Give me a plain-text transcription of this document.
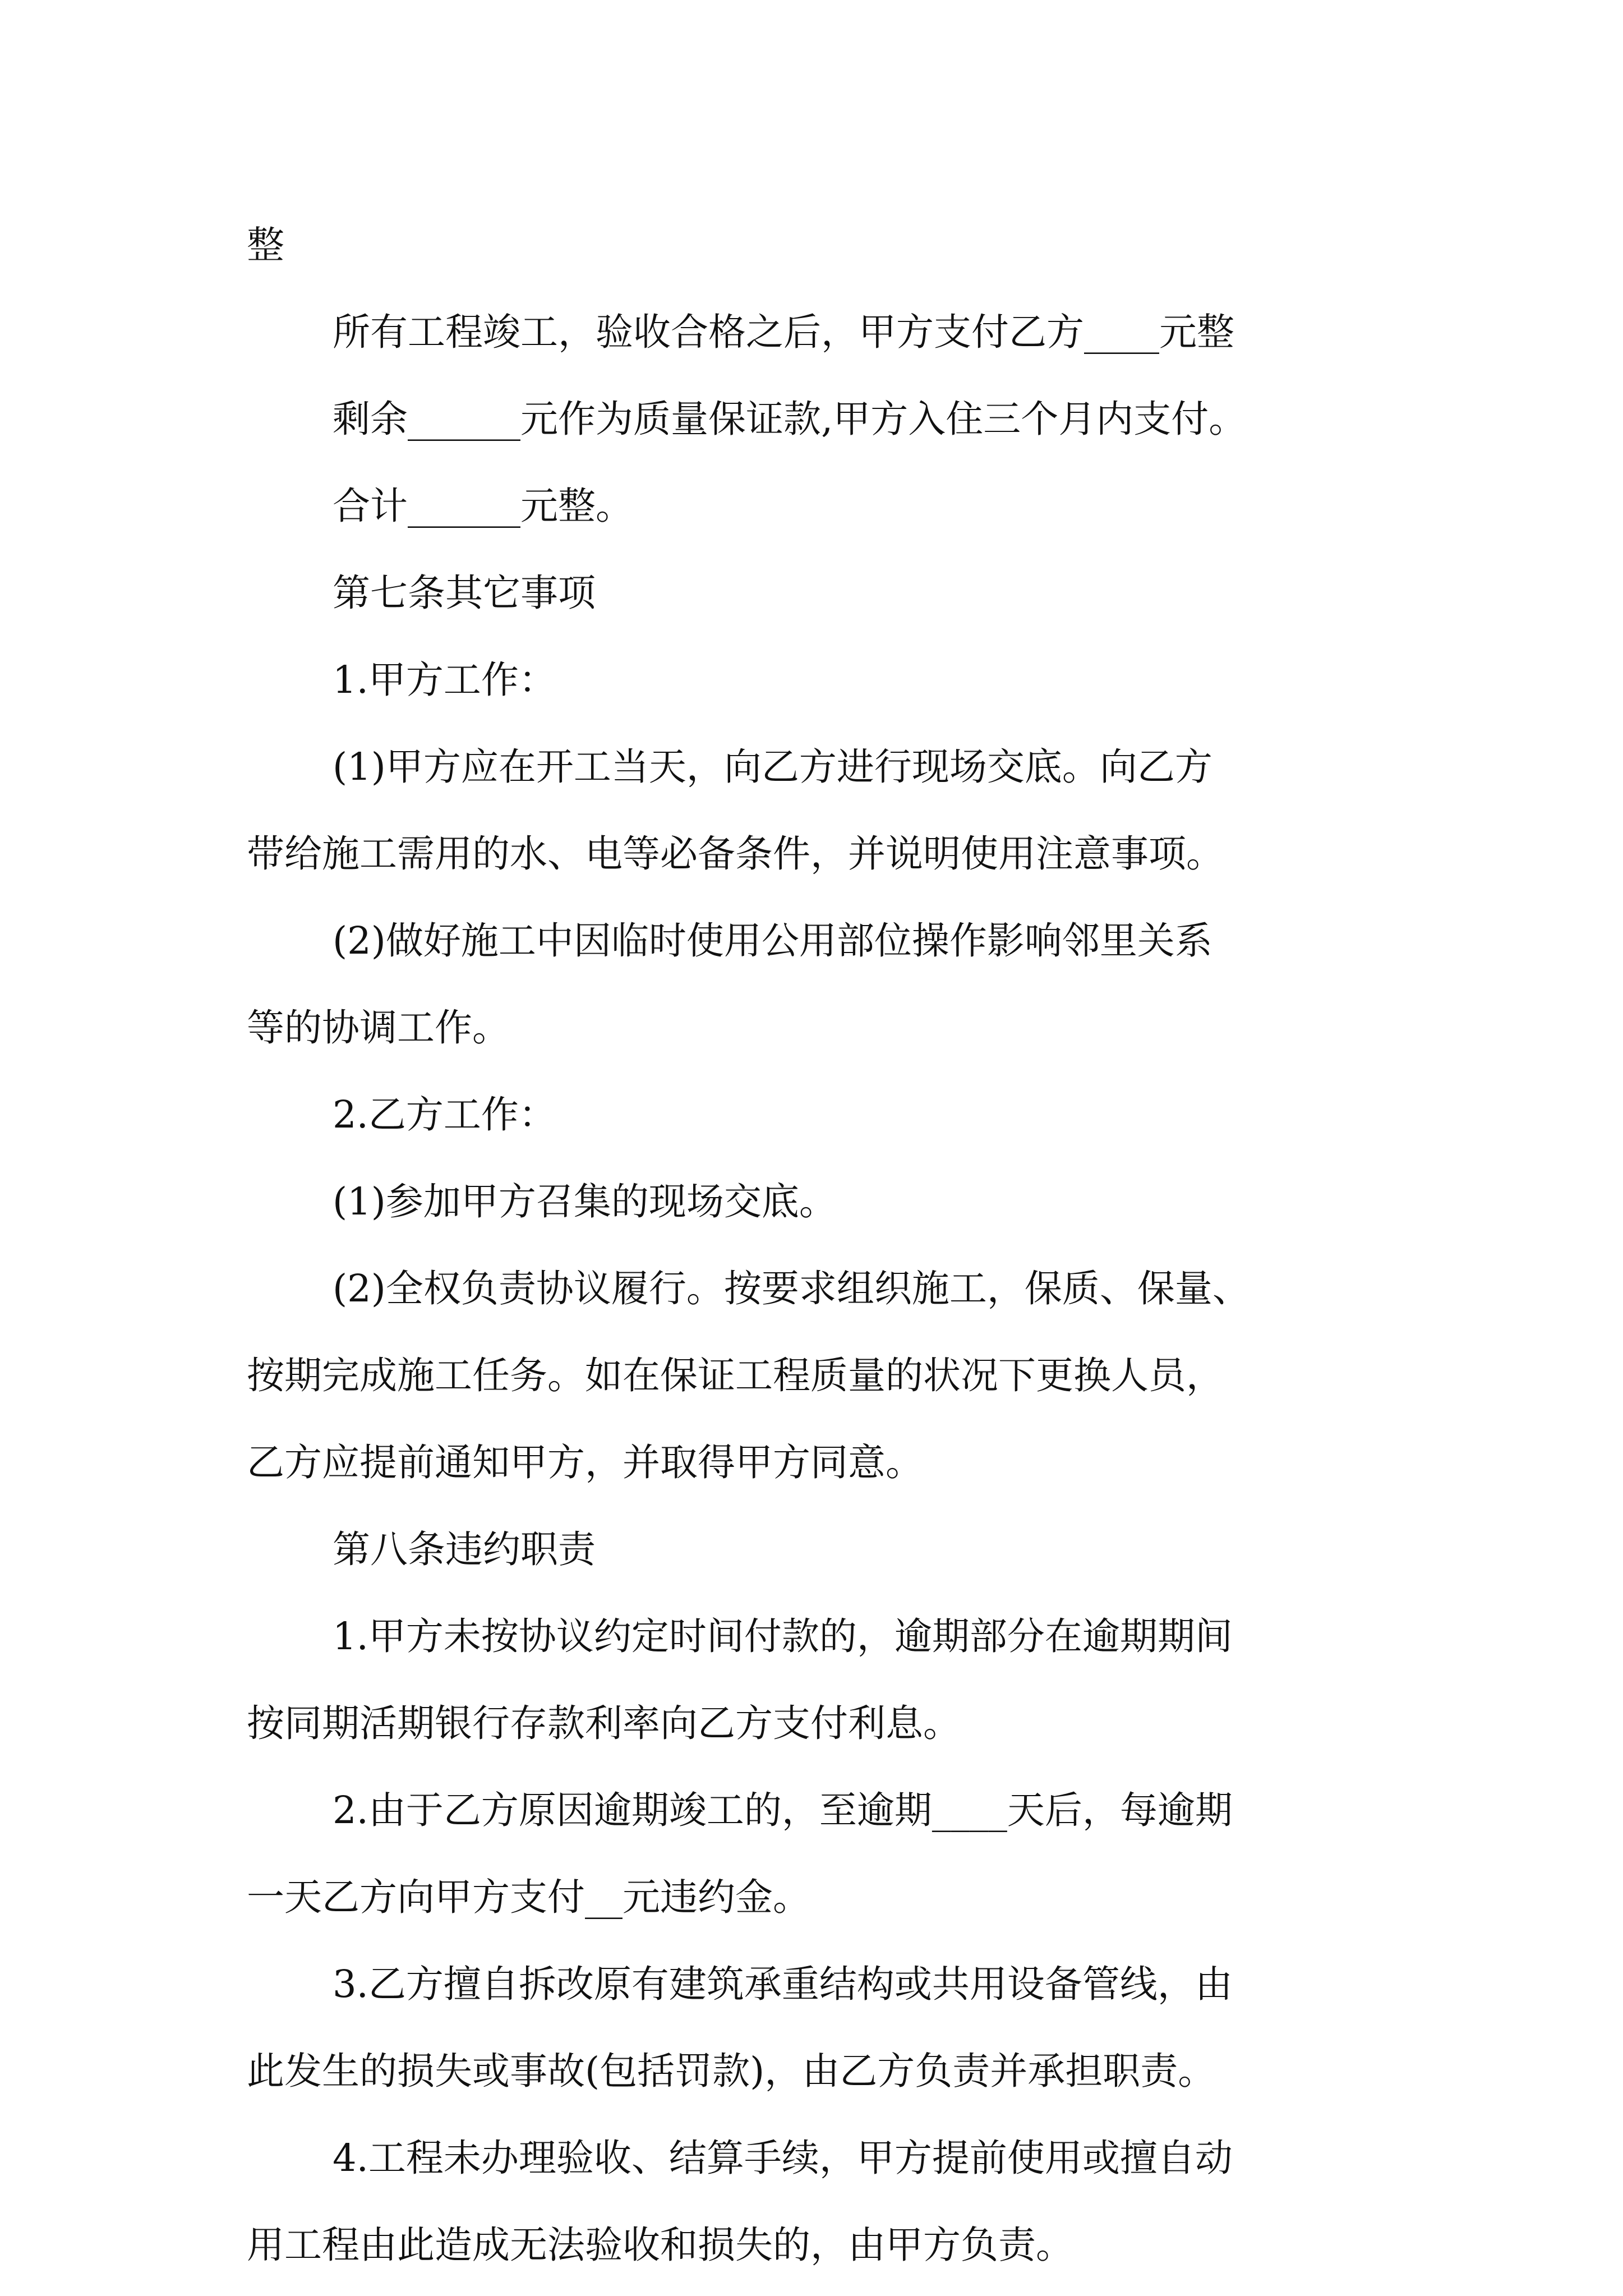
整
所有工程竣工，验收合格之后，甲方支付乙方____元整
剩余______元作为质量保证款,甲方入住三个月内支付。
合计______元整。
第七条其它事项
1.甲方工作：
(1)甲方应在开工当天，向乙方进行现场交底。向乙方
带给施工需用的水、电等必备条件，并说明使用注意事项。
(2)做好施工中因临时使用公用部位操作影响邻里关系
等的协调工作。
2.乙方工作：
(1)参加甲方召集的现场交底。
(2)全权负责协议履行。按要求组织施工，保质、保量、
按期完成施工任务。如在保证工程质量的状况下更换人员，
乙方应提前通知甲方，并取得甲方同意。
第八条违约职责
1.甲方未按协议约定时间付款的，逾期部分在逾期期间
按同期活期银行存款利率向乙方支付利息。
2.由于乙方原因逾期竣工的，至逾期____天后，每逾期
一天乙方向甲方支付__元违约金。
3.乙方擅自拆改原有建筑承重结构或共用设备管线，由
此发生的损失或事故(包括罚款)，由乙方负责并承担职责。
4.工程未办理验收、结算手续，甲方提前使用或擅自动
用工程由此造成无法验收和损失的，由甲方负责。
